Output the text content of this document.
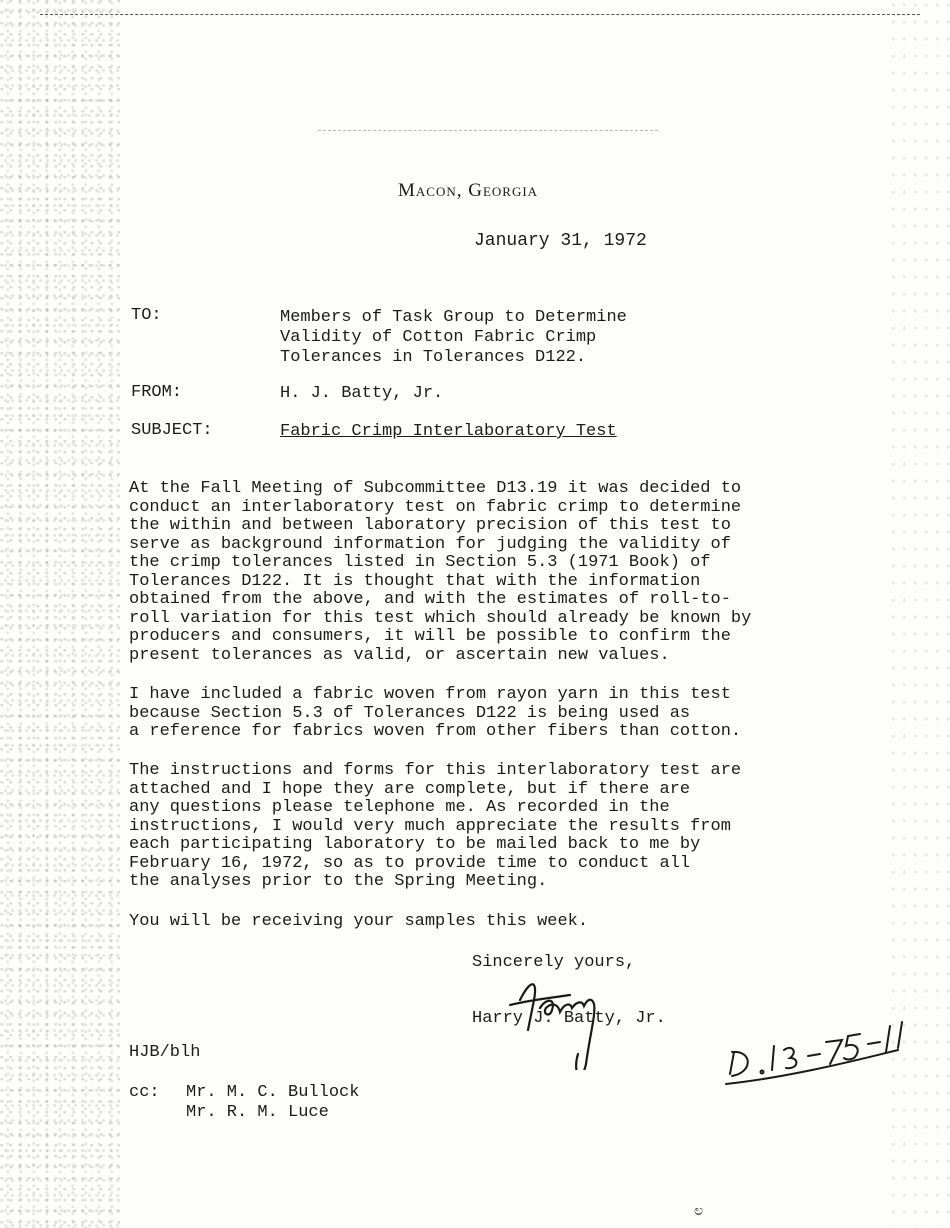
Macon, Georgia
January 31, 1972
TO:	Members of Task Group to Determine
Validity of Cotton Fabric Crimp
Tolerances in Tolerances D122.
FROM:	H. J. Batty, Jr.
SUBJECT:	Fabric Crimp Interlaboratory Test
At the Fall Meeting of Subcommittee D13.19 it was decided to
conduct an interlaboratory test on fabric crimp to determine
the within and between laboratory precision of this test to
serve as background information for judging the validity of
the crimp tolerances listed in Section 5.3 (1971 Book) of
Tolerances D122. It is thought that with the information
obtained from the above, and with the estimates of roll-to-
roll variation for this test which should already be known by
producers and consumers, it will be possible to confirm the
present tolerances as valid, or ascertain new values.
I have included a fabric woven from rayon yarn in this test
because Section 5.3 of Tolerances D122 is being used as
a reference for fabrics woven from other fibers than cotton.
The instructions and forms for this interlaboratory test are
attached and I hope they are complete, but if there are
any questions please telephone me. As recorded in the
instructions, I would very much appreciate the results from
each participating laboratory to be mailed back to me by
February 16, 1972, so as to provide time to conduct all
the analyses prior to the Spring Meeting.
You will be receiving your samples this week.
Sincerely yours,
Harry J. Batty, Jr.
HJB/blh
cc: Mr. M. C. Bullock
Mr. R. M. Luce
ಲ
